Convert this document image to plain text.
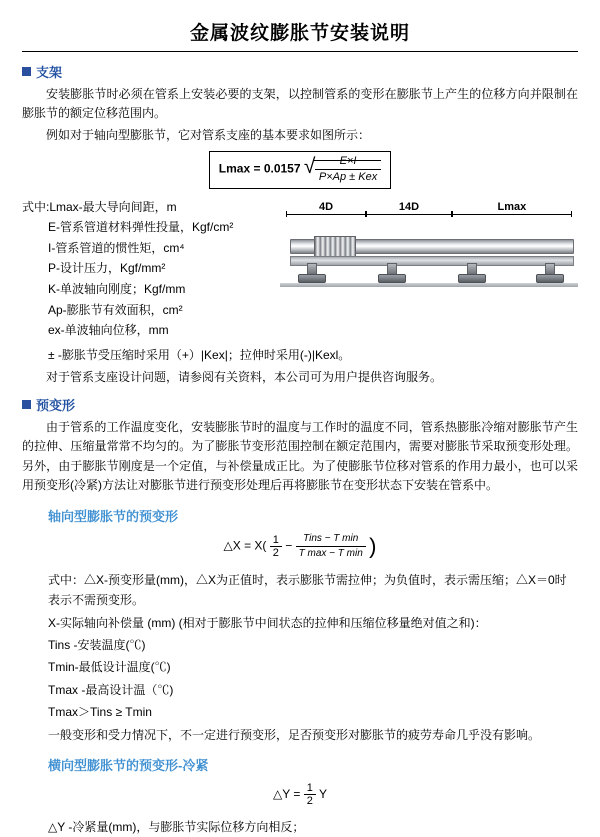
金属波纹膨胀节安装说明
支架

安装膨胀节时必须在管系上安装必要的支架，以控制管系的变形在膨胀节上产生的位移方向并限制在膨胀节的额定位移范围内。

例如对于轴向型膨胀节，它对管系支座的基本要求如图所示：

Lmax = 0.0157 √ $\frac{E\times I}{\text{P×Ap ± Kex}}$

式中:Lmax-最大导向间距，m

E-管系管道材料弹性投量，Kgf/cm²

I-管系管道的惯性矩，cm⁴

P-设计压力，Kgf/mm²

K-单波轴向刚度；Kgf/mm

Ap-膨胀节有效面积，cm²

ex-单波轴向位移，mm

4D	14D	Lmax

± -膨胀节受压缩时采用（+）|Kex|；拉伸时采用(-)|Kexl。

对于管系支座设计问题，请参阅有关资料，本公司可为用户提供咨询服务。

预变形

由于管系的工作温度变化，安装膨胀节时的温度与工作时的温度不同，管系热膨胀冷缩对膨胀节产生的拉伸、压缩量常常不均匀的。为了膨胀节变形范围控制在额定范围内，需要对膨胀节采取预变形处理。另外，由于膨胀节刚度是一个定值，与补偿量成正比。为了使膨胀节位移对管系的作用力最小，也可以采用预变形(冷紧)方法让对膨胀节进行预变形处理后再将膨胀节在变形状态下安装在管系中。

轴向型膨胀节的预变形
△X = $X( \frac{1}{2}$ −
Tins − T min
T max − T min )

式中：△X-预变形量(mm)，△X为正值时，表示膨胀节需拉伸；为负值时，表示需压缩；△X＝0时表示不需预变形。

X-实际轴向补偿量 (mm) (相对于膨胀节中间状态的拉伸和压缩位移量绝对值之和)：

Tins -安装温度(℃)

Tmin-最低设计温度(℃)

Tmax -最高设计温（℃)

Tmax＞Tins ≥ Tmin

一般变形和受力情况下，不一定进行预变形，足否预变形对膨胀节的疲劳寿命几乎没有影响。

横向型膨胀节的预变形-冷紧
△Y = $\frac{1}{2}$ Y

△Y -冷紧量(mm)，与膨胀节实际位移方向相反；
